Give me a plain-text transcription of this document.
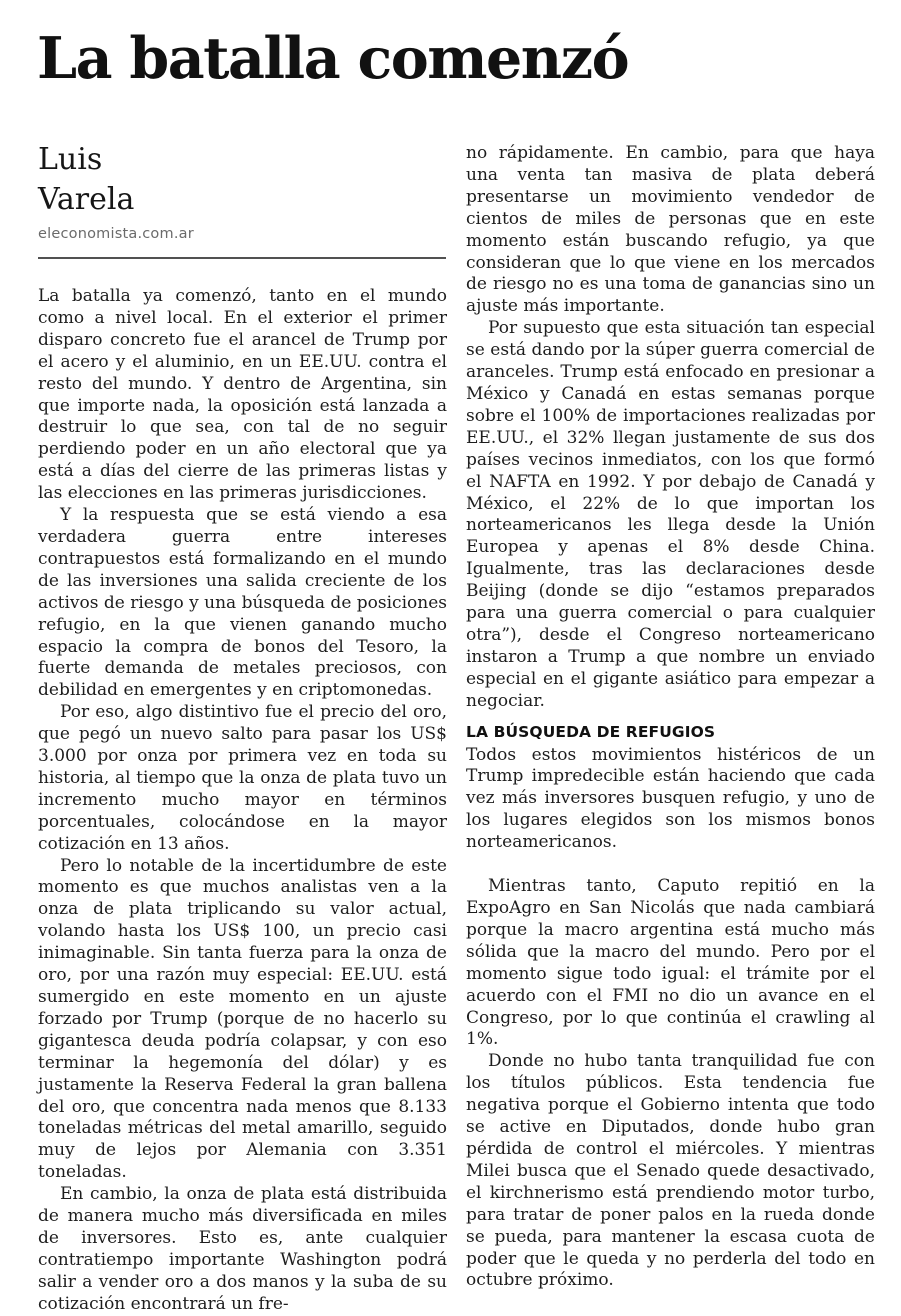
La batalla comenzó
Luis
Varela

eleconomista.com.ar

La batalla ya comenzó, tanto en el mundo como a nivel local. En el exterior el primer disparo concreto fue el arancel de Trump por el acero y el aluminio, en un EE.UU. contra el resto del mundo. Y dentro de Argentina, sin que importe nada, la oposición está lanzada a destruir lo que sea, con tal de no seguir perdiendo poder en un año electoral que ya está a días del cierre de las primeras listas y las elecciones en las primeras jurisdicciones.

Y la respuesta que se está viendo a esa verdadera guerra entre intereses contrapuestos está formalizando en el mundo de las inversiones una salida creciente de los activos de riesgo y una búsqueda de posiciones refugio, en la que vienen ganando mucho espacio la compra de bonos del Tesoro, la fuerte demanda de metales preciosos, con debilidad en emergentes y en criptomonedas.

Por eso, algo distintivo fue el precio del oro, que pegó un nuevo salto para pasar los US$ 3.000 por onza por primera vez en toda su historia, al tiempo que la onza de plata tuvo un incremento mucho mayor en términos porcentuales, colocándose en la mayor cotización en 13 años.

Pero lo notable de la incertidumbre de este momento es que muchos analistas ven a la onza de plata triplicando su valor actual, volando hasta los US$ 100, un precio casi inimaginable. Sin tanta fuerza para la onza de oro, por una razón muy especial: EE.UU. está sumergido en este momento en un ajuste forzado por Trump (porque de no hacerlo su gigantesca deuda podría colapsar, y con eso terminar la hegemonía del dólar) y es justamente la Reserva Federal la gran ballena del oro, que concentra nada menos que 8.133 toneladas métricas del metal amarillo, seguido muy de lejos por Alemania con 3.351 toneladas.

En cambio, la onza de plata está distribuida de manera mucho más diversificada en miles de inversores. Esto es, ante cualquier contratiempo importante Washington podrá salir a vender oro a dos manos y la suba de su cotización encontrará un fre-

no rápidamente. En cambio, para que haya una venta tan masiva de plata deberá presentarse un movimiento vendedor de cientos de miles de personas que en este momento están buscando refugio, ya que consideran que lo que viene en los mercados de riesgo no es una toma de ganancias sino un ajuste más importante.

Por supuesto que esta situación tan especial se está dando por la súper guerra comercial de aranceles. Trump está enfocado en presionar a México y Canadá en estas semanas porque sobre el 100% de importaciones realizadas por EE.UU., el 32% llegan justamente de sus dos países vecinos inmediatos, con los que formó el NAFTA en 1992. Y por debajo de Canadá y México, el 22% de lo que importan los norteamericanos les llega desde la Unión Europea y apenas el 8% desde China. Igualmente, tras las declaraciones desde Beijing (donde se dijo “estamos preparados para una guerra comercial o para cualquier otra”), desde el Congreso norteamericano instaron a Trump a que nombre un enviado especial en el gigante asiático para empezar a negociar.

LA BÚSQUEDA DE REFUGIOS

Todos estos movimientos histéricos de un Trump impredecible están haciendo que cada vez más inversores busquen refugio, y uno de los lugares elegidos son los mismos bonos norteamericanos.

Mientras tanto, Caputo repitió en la ExpoAgro en San Nicolás que nada cambiará porque la macro argentina está mucho más sólida que la macro del mundo. Pero por el momento sigue todo igual: el trámite por el acuerdo con el FMI no dio un avance en el Congreso, por lo que continúa el crawling al 1%.

Donde no hubo tanta tranquilidad fue con los títulos públicos. Esta tendencia fue negativa porque el Gobierno intenta que todo se active en Diputados, donde hubo gran pérdida de control el miércoles. Y mientras Milei busca que el Senado quede desactivado, el kirchnerismo está prendiendo motor turbo, para tratar de poner palos en la rueda donde se pueda, para mantener la escasa cuota de poder que le queda y no perderla del todo en octubre próximo.
